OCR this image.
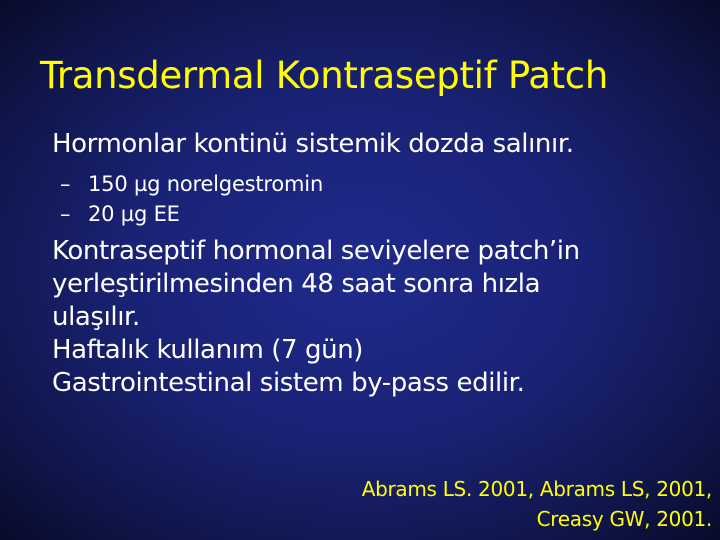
Transdermal Kontraseptif Patch

Hormonlar kontinü sistemik dozda salınır.

– 150 µg norelgestromin
– 20 µg EE

Kontraseptif hormonal seviyelere patch’in
yerleştirilmesinden 48 saat sonra hızla
ulaşılır.

Haftalık kullanım (7 gün)

Gastrointestinal sistem by-pass edilir.

Abrams LS. 2001, Abrams LS, 2001,
Creasy GW, 2001.
